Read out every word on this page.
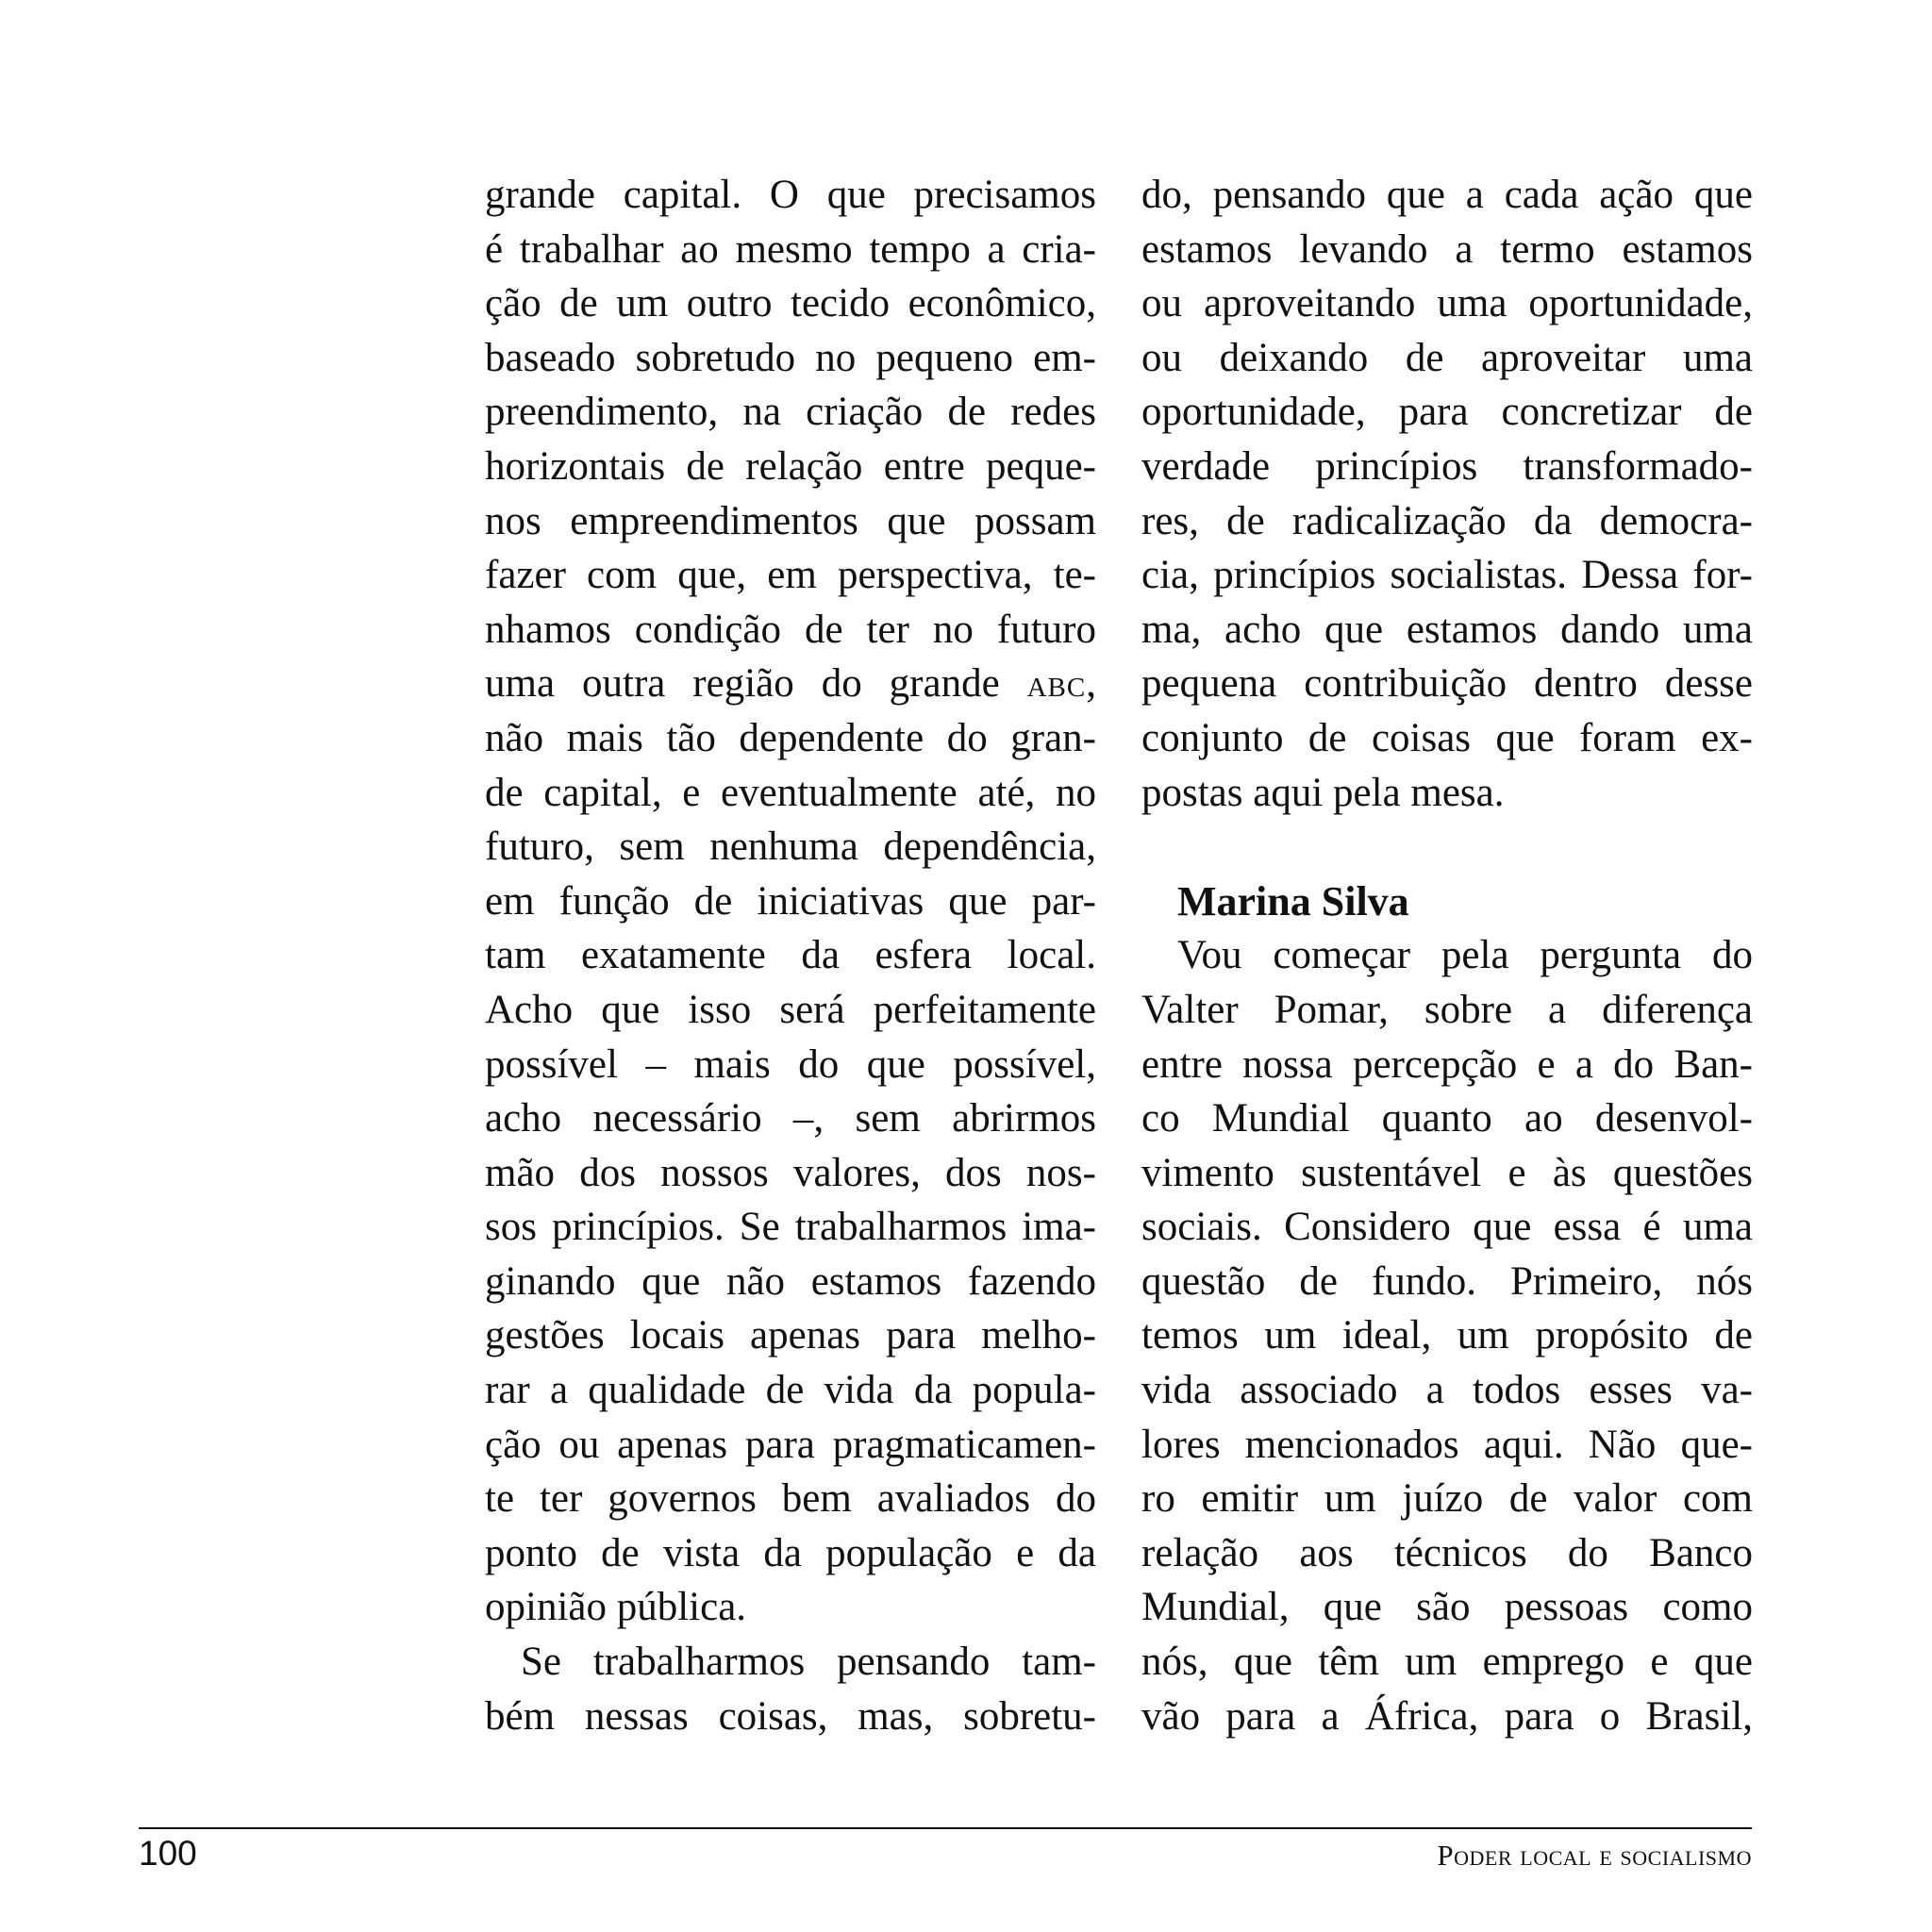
grande capital. O que precisamos
é trabalhar ao mesmo tempo a cria-
ção de um outro tecido econômico,
baseado sobretudo no pequeno em-
preendimento, na criação de redes
horizontais de relação entre peque-
nos empreendimentos que possam
fazer com que, em perspectiva, te-
nhamos condição de ter no futuro
uma outra região do grande ABC,
não mais tão dependente do gran-
de capital, e eventualmente até, no
futuro, sem nenhuma dependência,
em função de iniciativas que par-
tam exatamente da esfera local.
Acho que isso será perfeitamente
possível – mais do que possível,
acho necessário –, sem abrirmos
mão dos nossos valores, dos nos-
sos princípios. Se trabalharmos ima-
ginando que não estamos fazendo
gestões locais apenas para melho-
rar a qualidade de vida da popula-
ção ou apenas para pragmaticamen-
te ter governos bem avaliados do
ponto de vista da população e da
opinião pública.
Se trabalharmos pensando tam-
bém nessas coisas, mas, sobretu-
do, pensando que a cada ação que
estamos levando a termo estamos
ou aproveitando uma oportunidade,
ou deixando de aproveitar uma
oportunidade, para concretizar de
verdade princípios transformado-
res, de radicalização da democra-
cia, princípios socialistas. Dessa for-
ma, acho que estamos dando uma
pequena contribuição dentro desse
conjunto de coisas que foram ex-
postas aqui pela mesa.
Marina Silva
Vou começar pela pergunta do
Valter Pomar, sobre a diferença
entre nossa percepção e a do Ban-
co Mundial quanto ao desenvol-
vimento sustentável e às questões
sociais. Considero que essa é uma
questão de fundo. Primeiro, nós
temos um ideal, um propósito de
vida associado a todos esses va-
lores mencionados aqui. Não que-
ro emitir um juízo de valor com
relação aos técnicos do Banco
Mundial, que são pessoas como
nós, que têm um emprego e que
vão para a África, para o Brasil,
100	Poder local e socialismo
